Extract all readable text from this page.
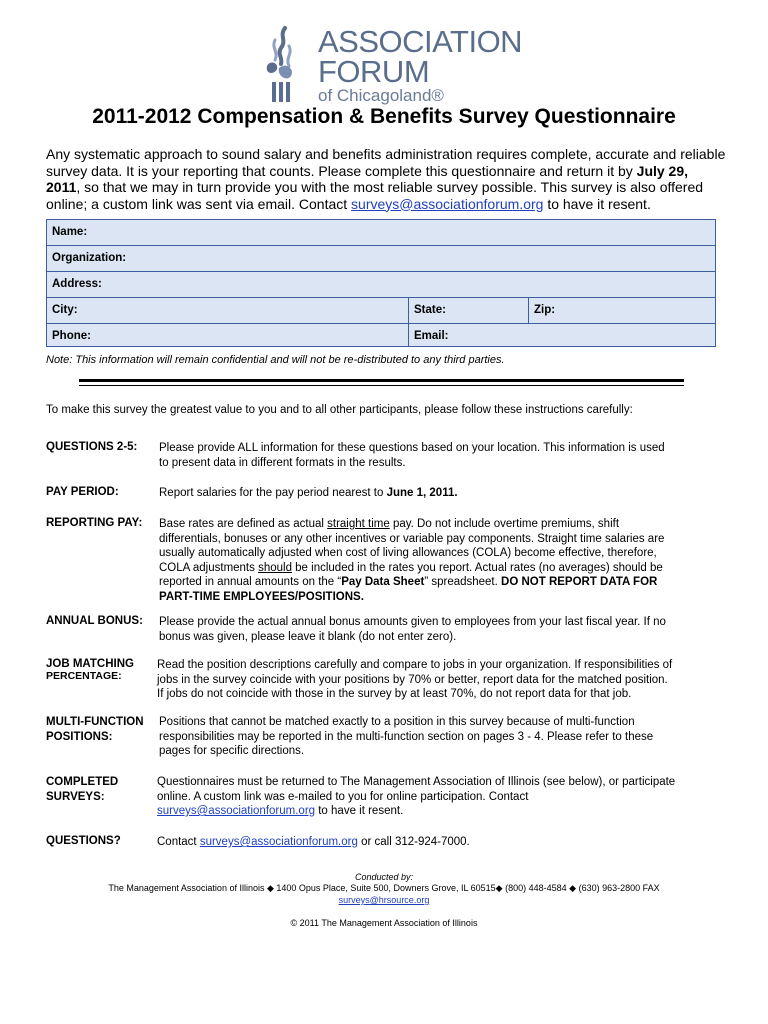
ASSOCIATION
FORUM
of Chicagoland®
2011-2012 Compensation & Benefits Survey Questionnaire
Any systematic approach to sound salary and benefits administration requires complete, accurate and reliable survey data. It is your reporting that counts. Please complete this questionnaire and return it by July 29, 2011, so that we may in turn provide you with the most reliable survey possible. This survey is also offered online; a custom link was sent via email. Contact surveys@associationforum.org to have it resent.
Name:
Organization:
Address:
City:	State:	Zip:
Phone:	Email:
Note: This information will remain confidential and will not be re-distributed to any third parties.
To make this survey the greatest value to you and to all other participants, please follow these instructions carefully:
QUESTIONS 2-5: Please provide ALL information for these questions based on your location. This information is used
to present data in different formats in the results.
PAY PERIOD:	Report salaries for the pay period nearest to June 1, 2011.
REPORTING PAY: Base rates are defined as actual straight time pay. Do not include overtime premiums, shift
differentials, bonuses or any other incentives or variable pay components. Straight time salaries are
usually automatically adjusted when cost of living allowances (COLA) become effective, therefore,
COLA adjustments should be included in the rates you report. Actual rates (no averages) should be
reported in annual amounts on the “Pay Data Sheet” spreadsheet. DO NOT REPORT DATA FOR
PART-TIME EMPLOYEES/POSITIONS.
ANNUAL BONUS: Please provide the actual annual bonus amounts given to employees from your last fiscal year. If no
bonus was given, please leave it blank (do not enter zero).
JOB MATCHING
PERCENTAGE:
Read the position descriptions carefully and compare to jobs in your organization. If responsibilities of
jobs in the survey coincide with your positions by 70% or better, report data for the matched position.
If jobs do not coincide with those in the survey by at least 70%, do not report data for that job.
MULTI-FUNCTION
POSITIONS:
Positions that cannot be matched exactly to a position in this survey because of multi-function
responsibilities may be reported in the multi-function section on pages 3 - 4. Please refer to these
pages for specific directions.
COMPLETED
SURVEYS:
Questionnaires must be returned to The Management Association of Illinois (see below), or participate
online. A custom link was e-mailed to you for online participation. Contact
surveys@associationforum.org to have it resent.
QUESTIONS?	Contact surveys@associationforum.org or call 312-924-7000.
Conducted by:
The Management Association of Illinois ◆ 1400 Opus Place, Suite 500, Downers Grove, IL 60515◆ (800) 448-4584 ◆ (630) 963-2800 FAX
surveys@hrsource.org
© 2011 The Management Association of Illinois
